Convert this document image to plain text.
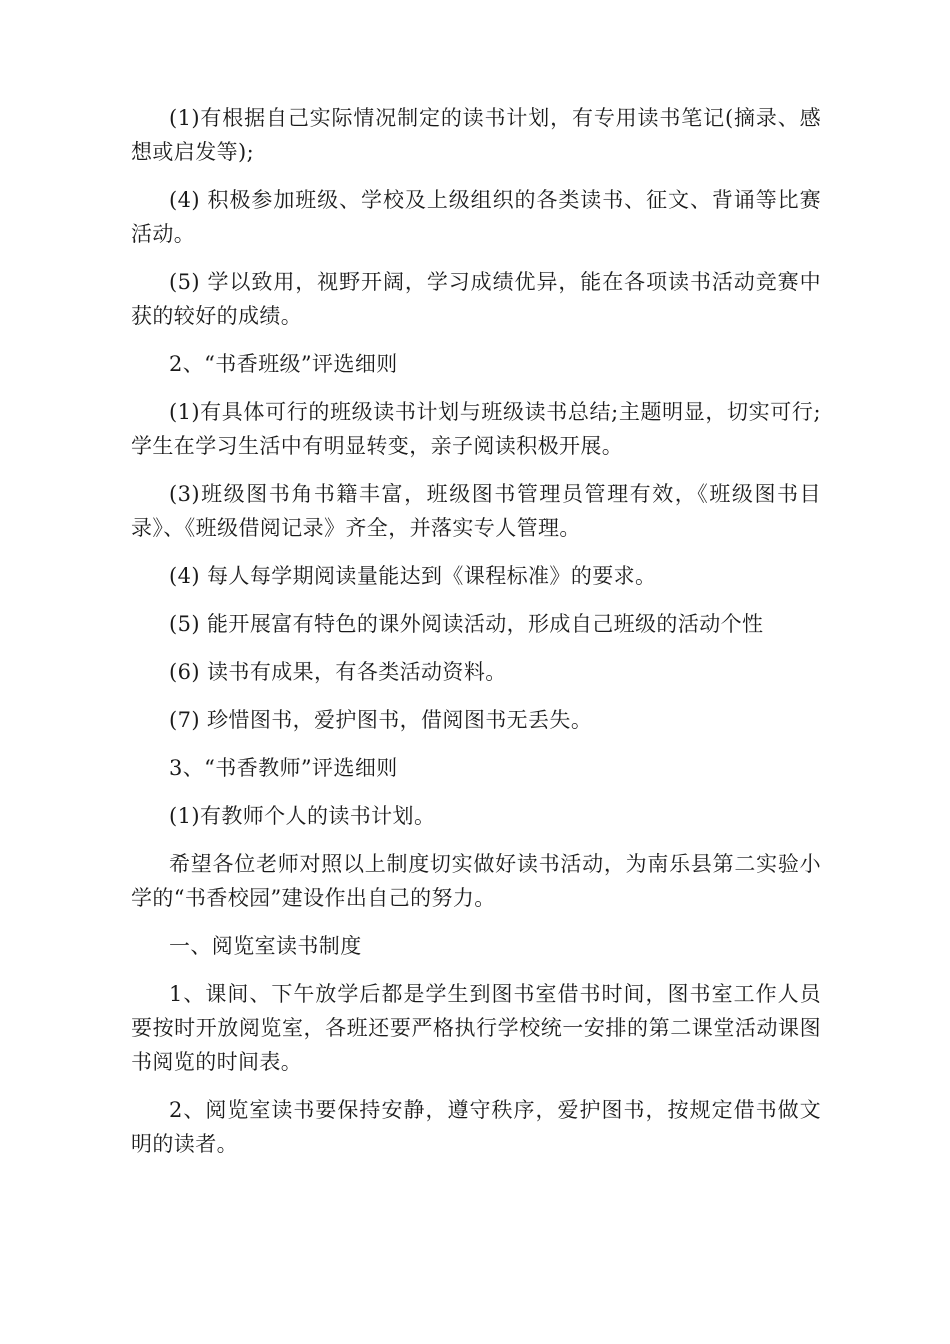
(1)有根据自己实际情况制定的读书计划，有专用读书笔记(摘录、感想或启发等);

(4) 积极参加班级、学校及上级组织的各类读书、征文、背诵等比赛活动。

(5) 学以致用，视野开阔，学习成绩优异，能在各项读书活动竞赛中获的较好的成绩。

2、“书香班级”评选细则

(1)有具体可行的班级读书计划与班级读书总结;主题明显，切实可行;学生在学习生活中有明显转变，亲子阅读积极开展。

(3)班级图书角书籍丰富，班级图书管理员管理有效，《班级图书目录》、《班级借阅记录》齐全，并落实专人管理。

(4) 每人每学期阅读量能达到《课程标准》的要求。

(5) 能开展富有特色的课外阅读活动，形成自己班级的活动个性

(6) 读书有成果，有各类活动资料。

(7) 珍惜图书，爱护图书，借阅图书无丢失。

3、“书香教师”评选细则

(1)有教师个人的读书计划。

希望各位老师对照以上制度切实做好读书活动，为南乐县第二实验小学的“书香校园”建设作出自己的努力。

一、阅览室读书制度

1、课间、下午放学后都是学生到图书室借书时间，图书室工作人员要按时开放阅览室，各班还要严格执行学校统一安排的第二课堂活动课图书阅览的时间表。

2、阅览室读书要保持安静，遵守秩序，爱护图书，按规定借书做文明的读者。
